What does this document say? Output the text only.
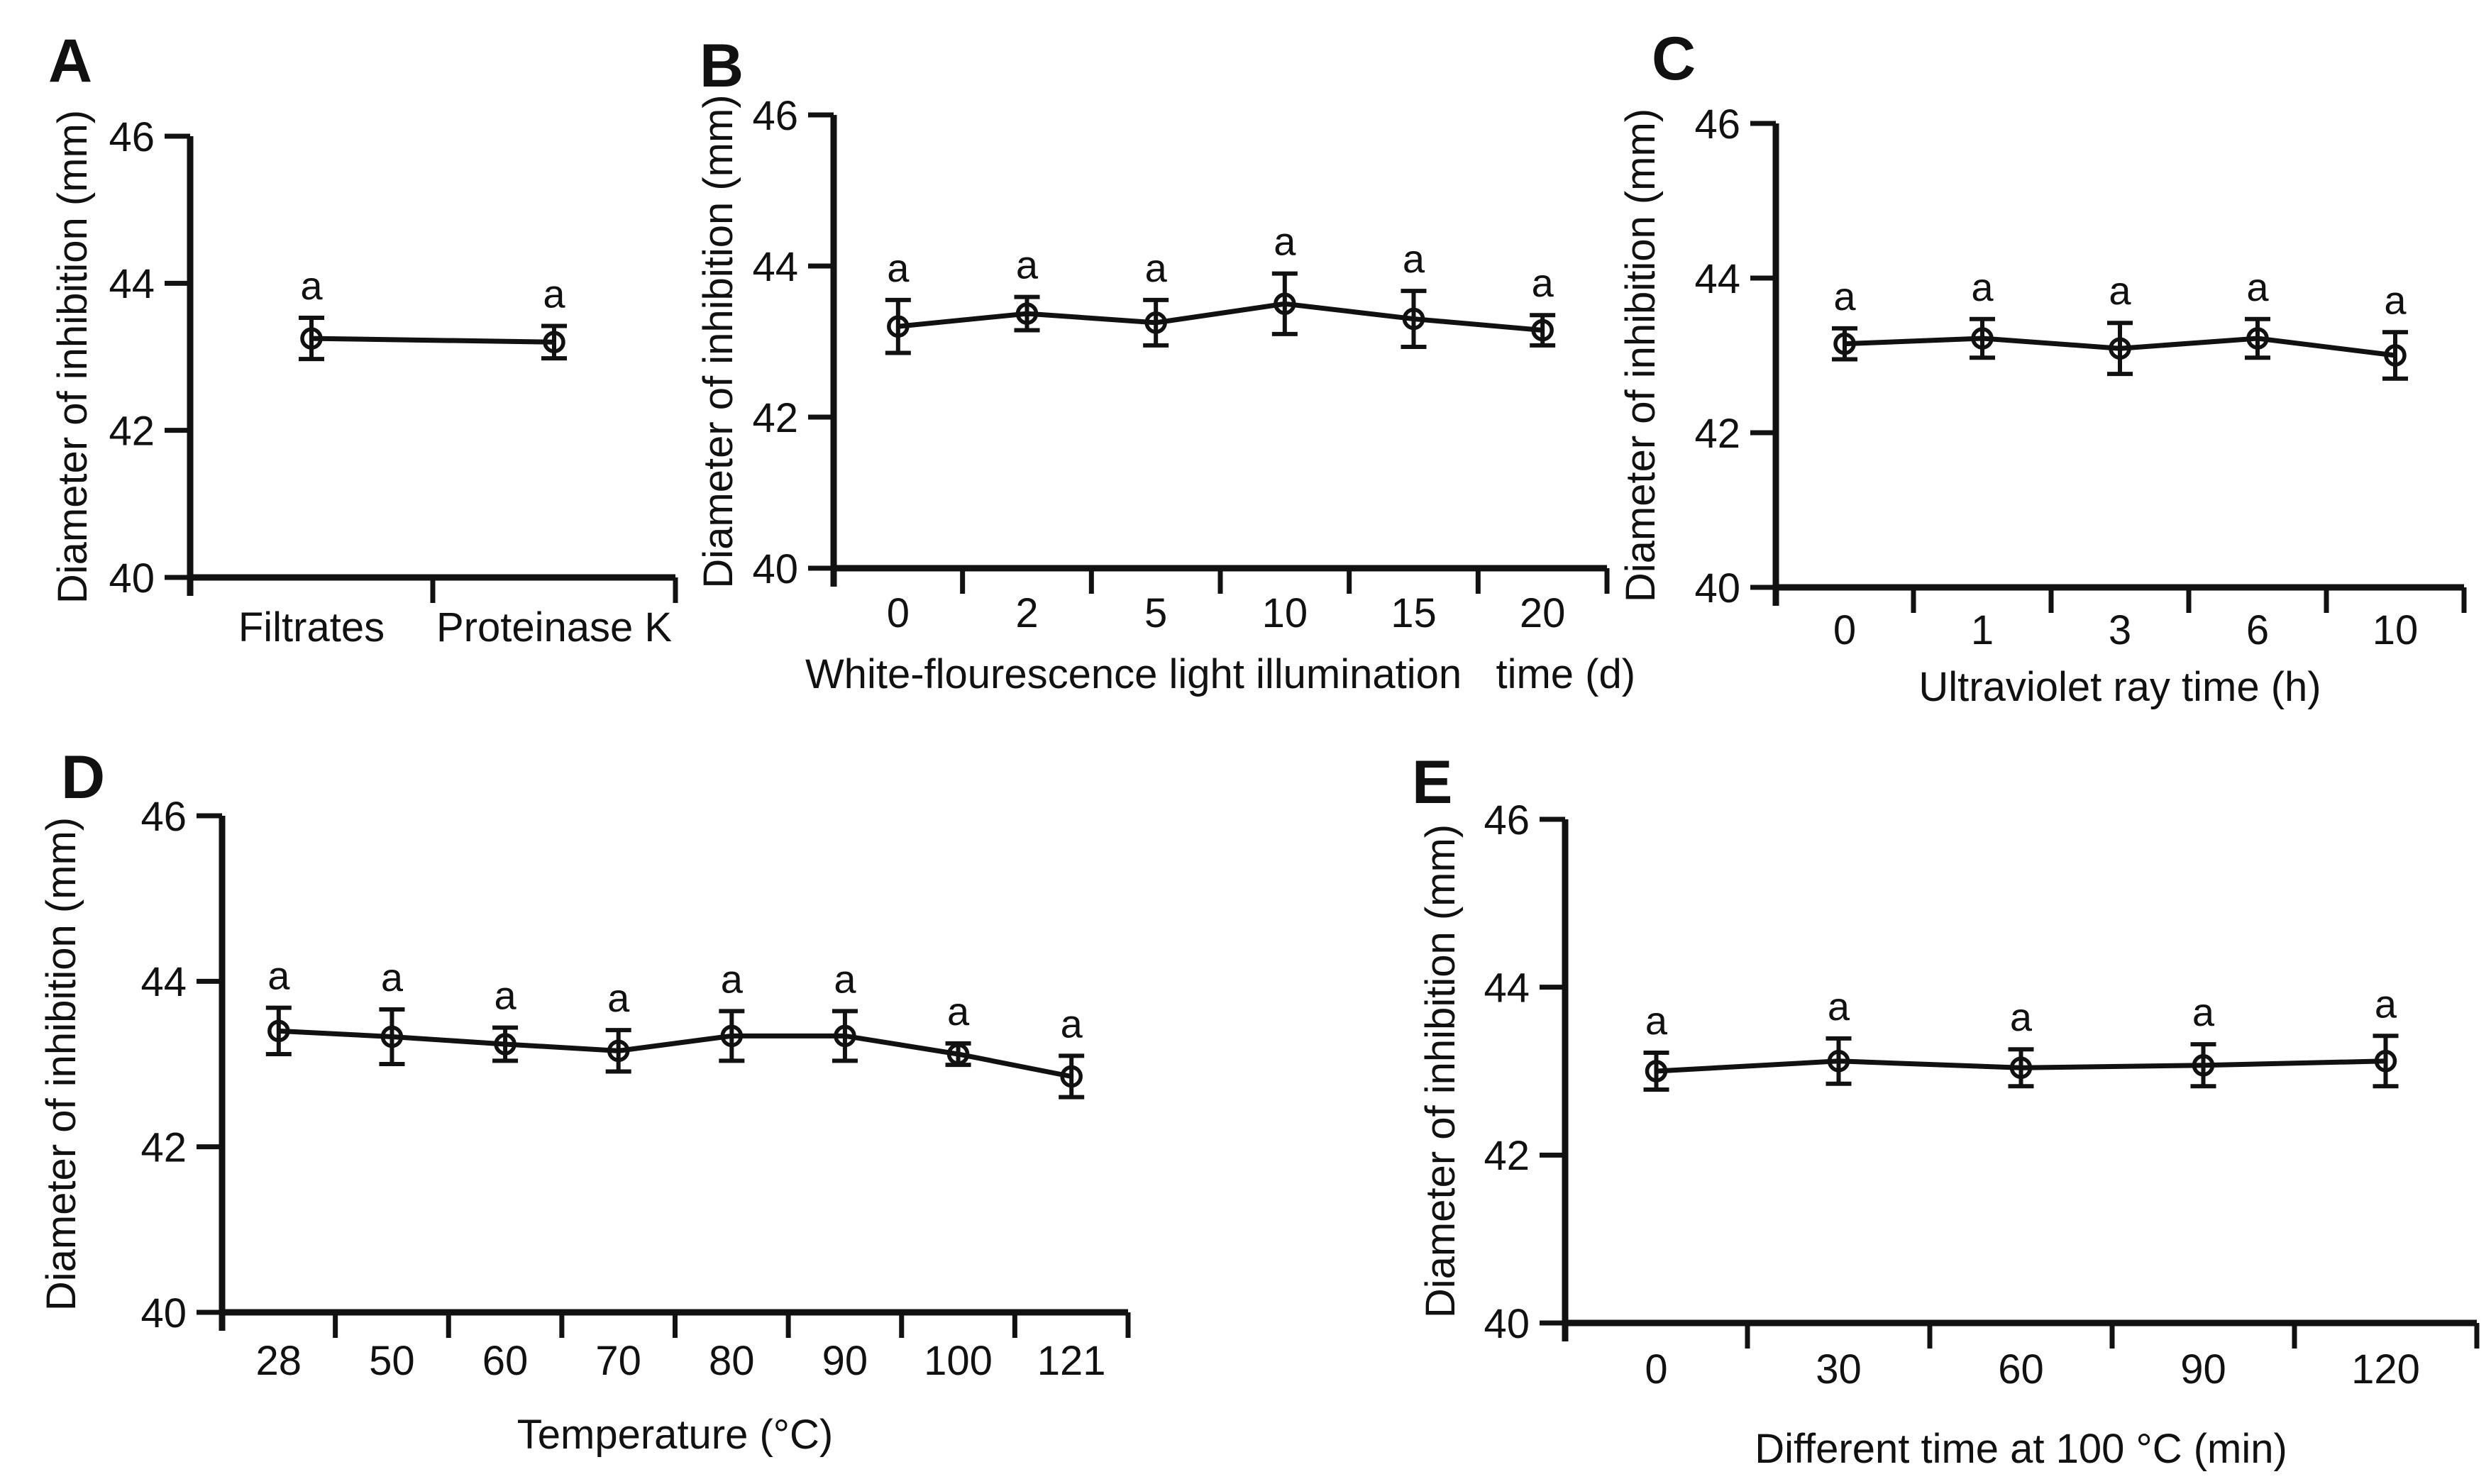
A
40
42
44
46
Filtrates Proteinase K
Diameter of inhibition (mm)	a	a
B
40
42
44
46
0	2	5 10 15 20
White-flourescence light illumination   time (d)
Diameter of inhibition (mm)	a	a	a
a	a
a
C
40
42
44
46
0	1	3	6	10
Ultraviolet ray time (h)
Diameter of inhibition (mm)	a	a	a	a	a
D
40
42
44
46
28 50 60 70 80 90 100 121
Temperature (°C)
Diameter of inhibition (mm)	a a a a a a
a a
E
40
42
44
46
0	30	60	90	120
Different time at 100 °C (min)
Diameter of inhibition (mm)	a	a	a	a	a
